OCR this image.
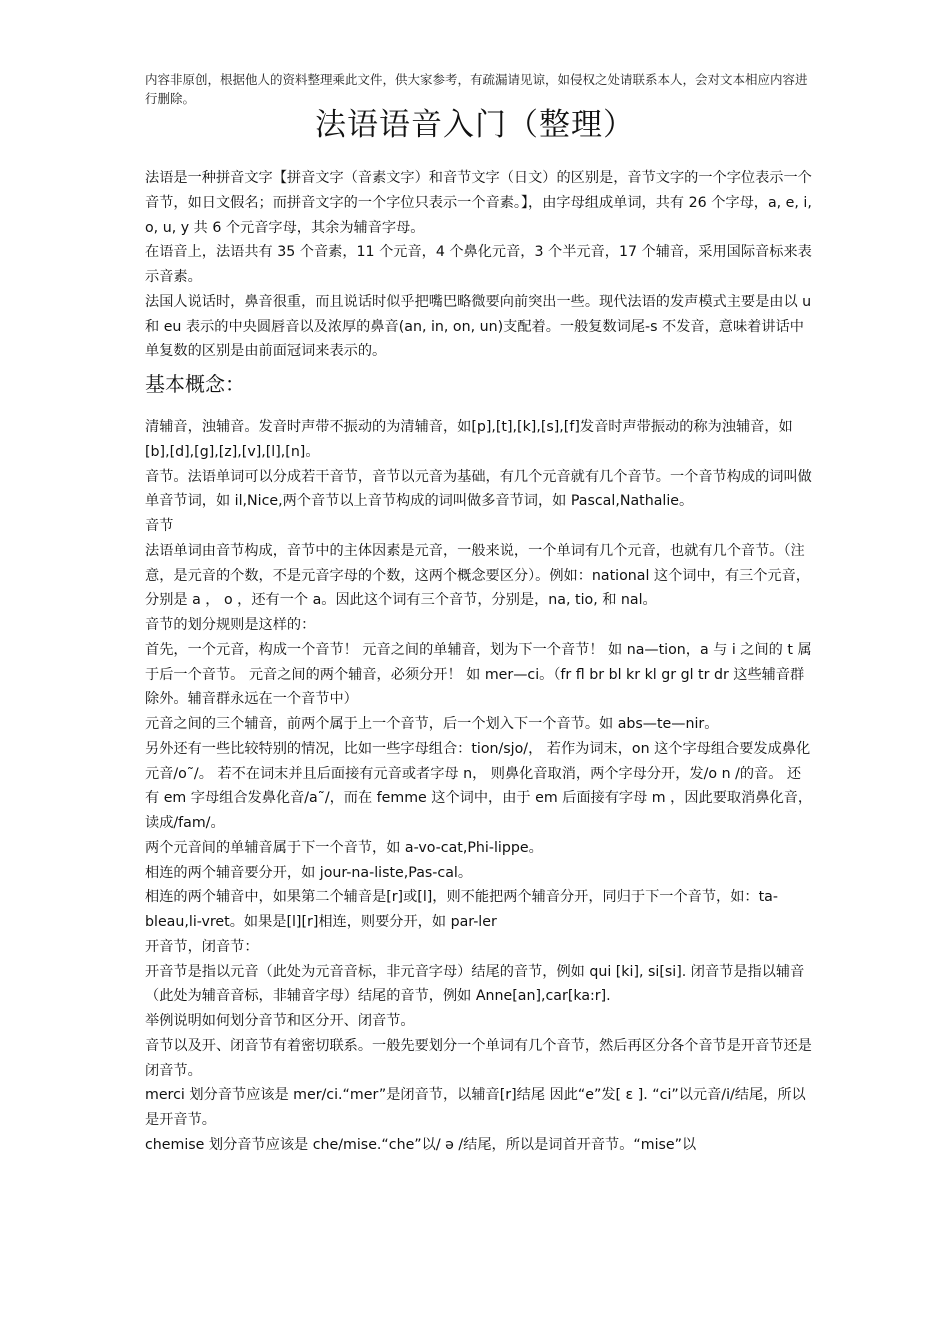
内容非原创，根据他人的资料整理乘此文件，供大家参考，有疏漏请见谅，如侵权之处请联系本人，会对文本相应内容进行删除。
法语语音入门（整理）

法语是一种拼音文字【拼音文字（音素文字）和音节文字（日文）的区别是，音节文字的一个字位表示一个音节，如日文假名；而拼音文字的一个字位只表示一个音素。】，由字母组成单词，共有 26 个字母，a, e, i, o, u, y 共 6 个元音字母，其余为辅音字母。

在语音上，法语共有 35 个音素，11 个元音，4 个鼻化元音，3 个半元音，17 个辅音，采用国际音标来表示音素。

法国人说话时，鼻音很重，而且说话时似乎把嘴巴略微要向前突出一些。现代法语的发声模式主要是由以 u 和 eu 表示的中央圆唇音以及浓厚的鼻音(an, in, on, un)支配着。一般复数词尾-s 不发音，意味着讲话中单复数的区别是由前面冠词来表示的。

基本概念：

清辅音，浊辅音。发音时声带不振动的为清辅音，如[p],[t],[k],[s],[f]发音时声带振动的称为浊辅音，如[b],[d],[g],[z],[v],[l],[n]。

音节。法语单词可以分成若干音节，音节以元音为基础，有几个元音就有几个音节。一个音节构成的词叫做单音节词，如 il,Nice,两个音节以上音节构成的词叫做多音节词，如 Pascal,Nathalie。

音节

法语单词由音节构成，音节中的主体因素是元音，一般来说，一个单词有几个元音，也就有几个音节。（注意，是元音的个数，不是元音字母的个数，这两个概念要区分）。例如：national 这个词中，有三个元音，分别是 a ， o ，还有一个 a。因此这个词有三个音节，分别是，na, tio, 和 nal。

音节的划分规则是这样的：

首先，一个元音，构成一个音节！ 元音之间的单辅音，划为下一个音节！ 如 na—tion，a 与 i 之间的 t 属于后一个音节。 元音之间的两个辅音，必须分开！ 如 mer—ci。（fr fl br bl kr kl gr gl tr dr 这些辅音群除外。辅音群永远在一个音节中）

元音之间的三个辅音，前两个属于上一个音节，后一个划入下一个音节。如 abs—te—nir。

另外还有一些比较特别的情况，比如一些字母组合：tion/sjo/， 若作为词末，on 这个字母组合要发成鼻化元音/o˜/。 若不在词末并且后面接有元音或者字母 n， 则鼻化音取消，两个字母分开，发/o n /的音。 还有 em 字母组合发鼻化音/a˜/，而在 femme 这个词中，由于 em 后面接有字母 m ，因此要取消鼻化音，读成/fam/。

两个元音间的单辅音属于下一个音节，如 a-vo-cat,Phi-lippe。

相连的两个辅音要分开，如 jour-na-liste,Pas-cal。

相连的两个辅音中，如果第二个辅音是[r]或[l]，则不能把两个辅音分开，同归于下一个音节，如：ta-bleau,li-vret。如果是[l][r]相连，则要分开，如 par-ler

开音节，闭音节：

开音节是指以元音（此处为元音音标，非元音字母）结尾的音节，例如 qui [ki], si[si]. 闭音节是指以辅音（此处为辅音音标，非辅音字母）结尾的音节，例如 Anne[an],car[ka:r].

举例说明如何划分音节和区分开、闭音节。

音节以及开、闭音节有着密切联系。一般先要划分一个单词有几个音节，然后再区分各个音节是开音节还是闭音节。

merci 划分音节应该是 mer/ci.“mer”是闭音节，以辅音[r]结尾 因此“e”发[ ε ]. “ci”以元音/i/结尾，所以是开音节。

chemise 划分音节应该是 che/mise.“che”以/ ə /结尾，所以是词首开音节。“mise”以
